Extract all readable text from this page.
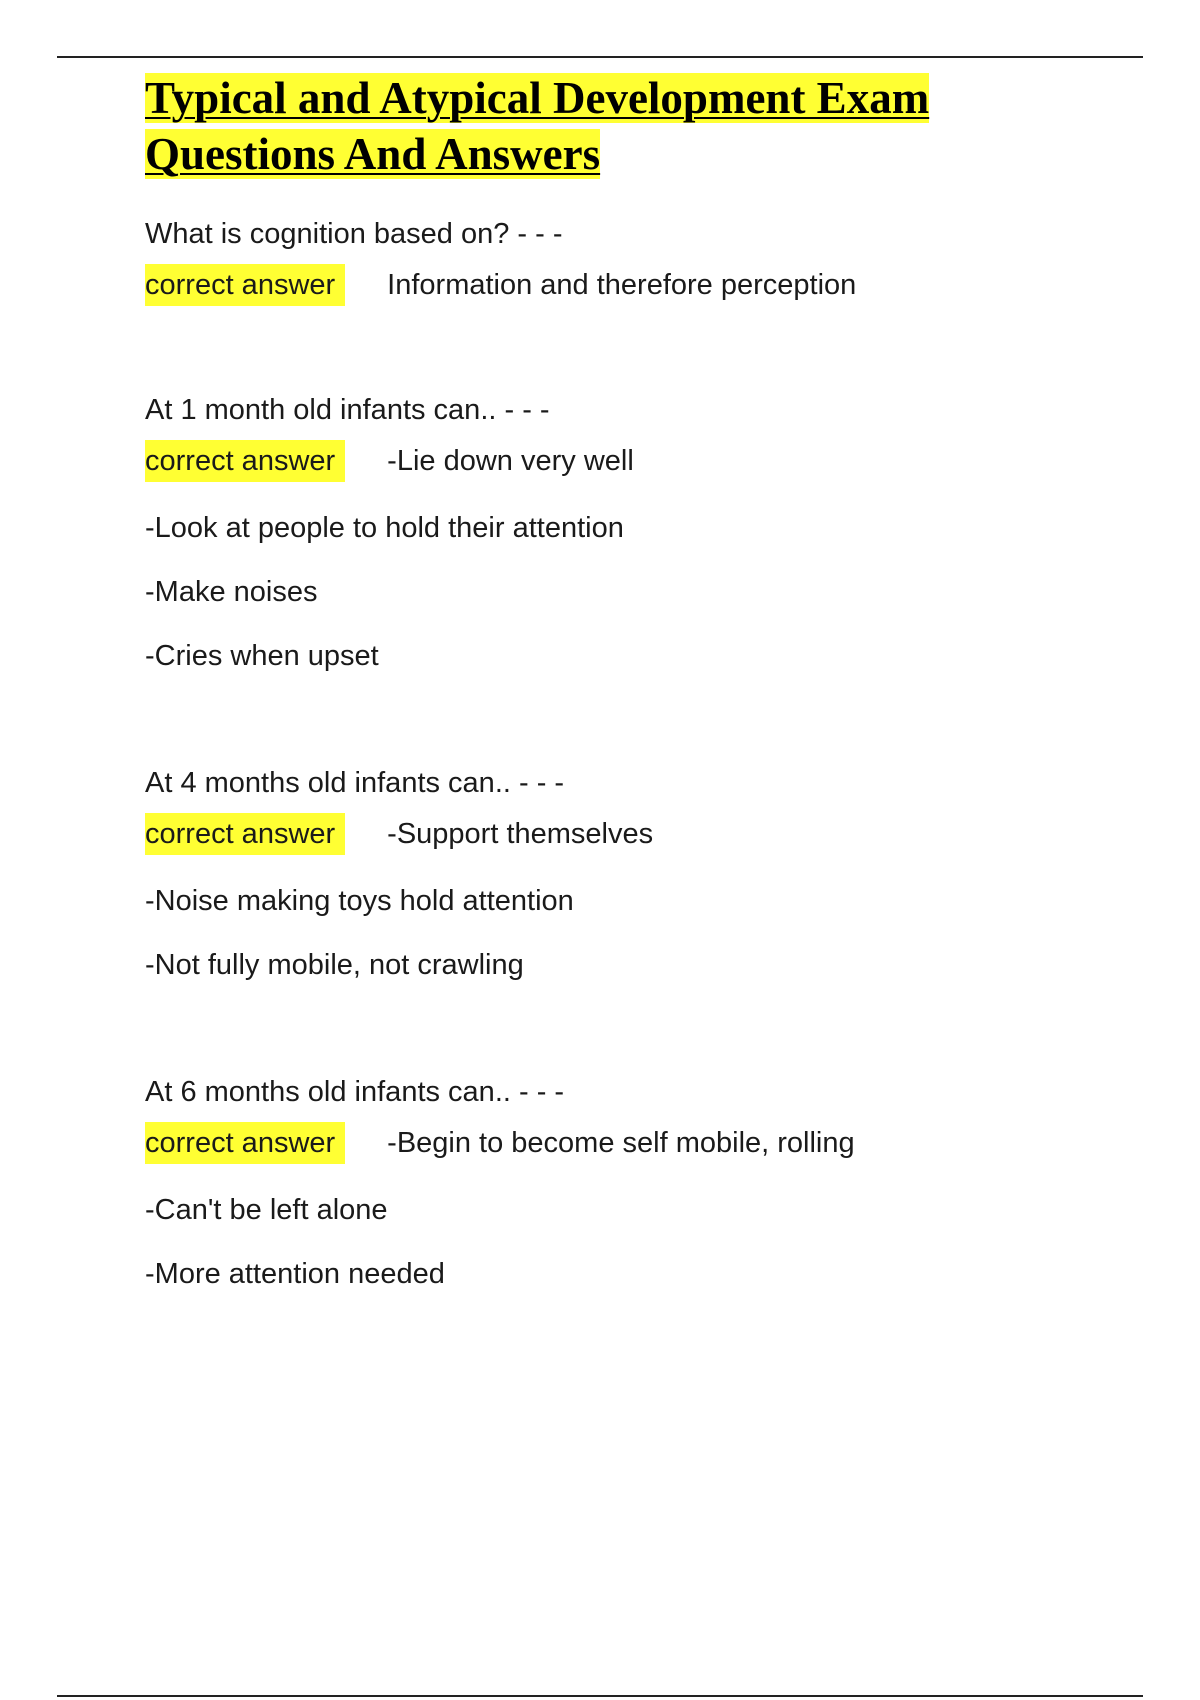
Typical and Atypical Development Exam
Questions And Answers

What is cognition based on? - - -

correct answer	Information and therefore perception

At 1 month old infants can.. - - -

correct answer	-Lie down very well
-Look at people to hold their attention
-Make noises
-Cries when upset

At 4 months old infants can.. - - -

correct answer	-Support themselves
-Noise making toys hold attention
-Not fully mobile, not crawling

At 6 months old infants can.. - - -

correct answer	-Begin to become self mobile, rolling
-Can't be left alone
-More attention needed
